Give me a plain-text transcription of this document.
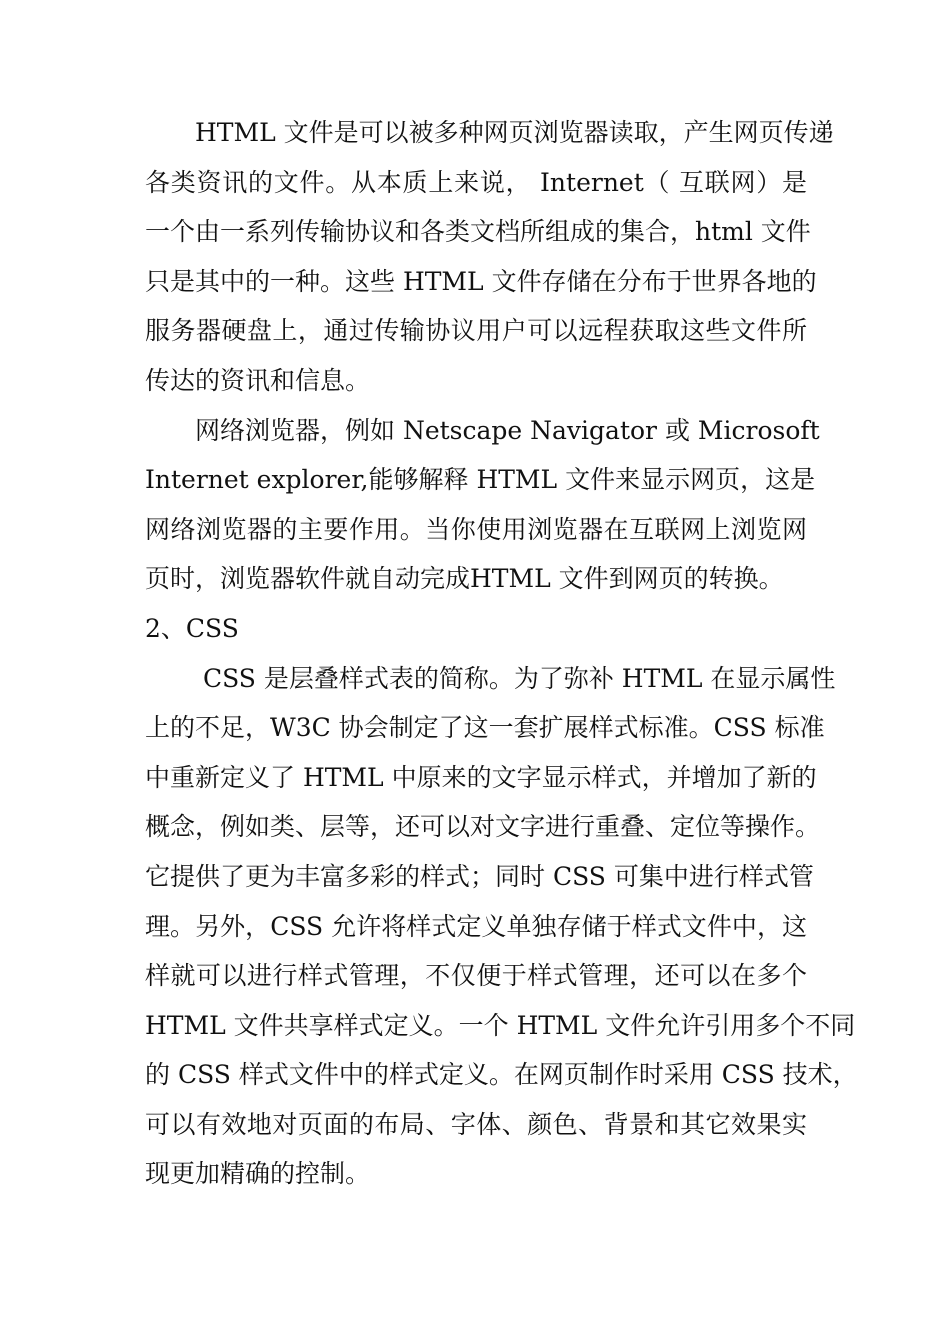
　　HTML 文件是可以被多种网页浏览器读取，产生网页传递
各类资讯的文件。从本质上来说， Internet（ 互联网）是
一个由一系列传输协议和各类文档所组成的集合，html 文件
只是其中的一种。这些 HTML 文件存储在分布于世界各地的
服务器硬盘上，通过传输协议用户可以远程获取这些文件所
传达的资讯和信息。
　　网络浏览器，例如 Netscape Navigator 或 Microsoft
Internet explorer,能够解释 HTML 文件来显示网页，这是
网络浏览器的主要作用。当你使用浏览器在互联网上浏览网
页时，浏览器软件就自动完成HTML 文件到网页的转换。
2、CSS
　　 CSS 是层叠样式表的简称。为了弥补 HTML 在显示属性
上的不足，W3C 协会制定了这一套扩展样式标准。CSS 标准
中重新定义了 HTML 中原来的文字显示样式，并增加了新的
概念，例如类、层等，还可以对文字进行重叠、定位等操作。
它提供了更为丰富多彩的样式；同时 CSS 可集中进行样式管
理。另外，CSS 允许将样式定义单独存储于样式文件中，这
样就可以进行样式管理，不仅便于样式管理，还可以在多个
HTML 文件共享样式定义。一个 HTML 文件允许引用多个不同
的 CSS 样式文件中的样式定义。在网页制作时采用 CSS 技术，
可以有效地对页面的布局、字体、颜色、背景和其它效果实
现更加精确的控制。
